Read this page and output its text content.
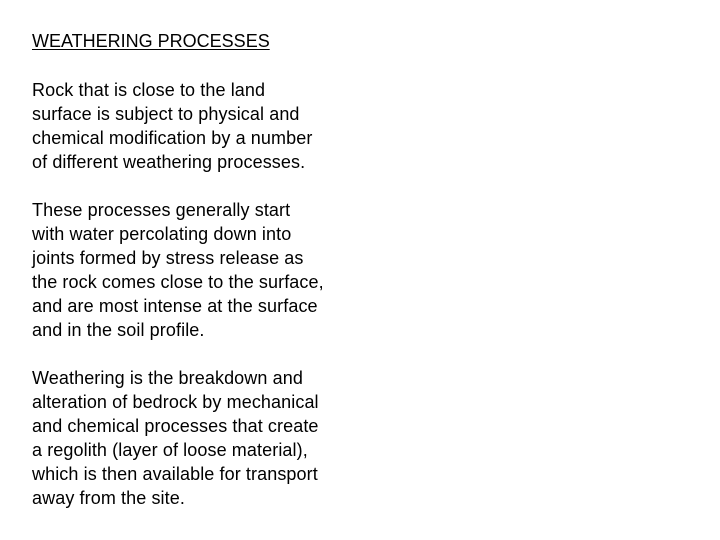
WEATHERING PROCESSES

Rock that is close to the land
surface is subject to physical and
chemical modification by a number
of different weathering processes.

These processes generally start
with water percolating down into
joints formed by stress release as
the rock comes close to the surface,
and are most intense at the surface
and in the soil profile.

Weathering is the breakdown and
alteration of bedrock by mechanical
and chemical processes that create
a regolith (layer of loose material),
which is then available for transport
away from the site.
